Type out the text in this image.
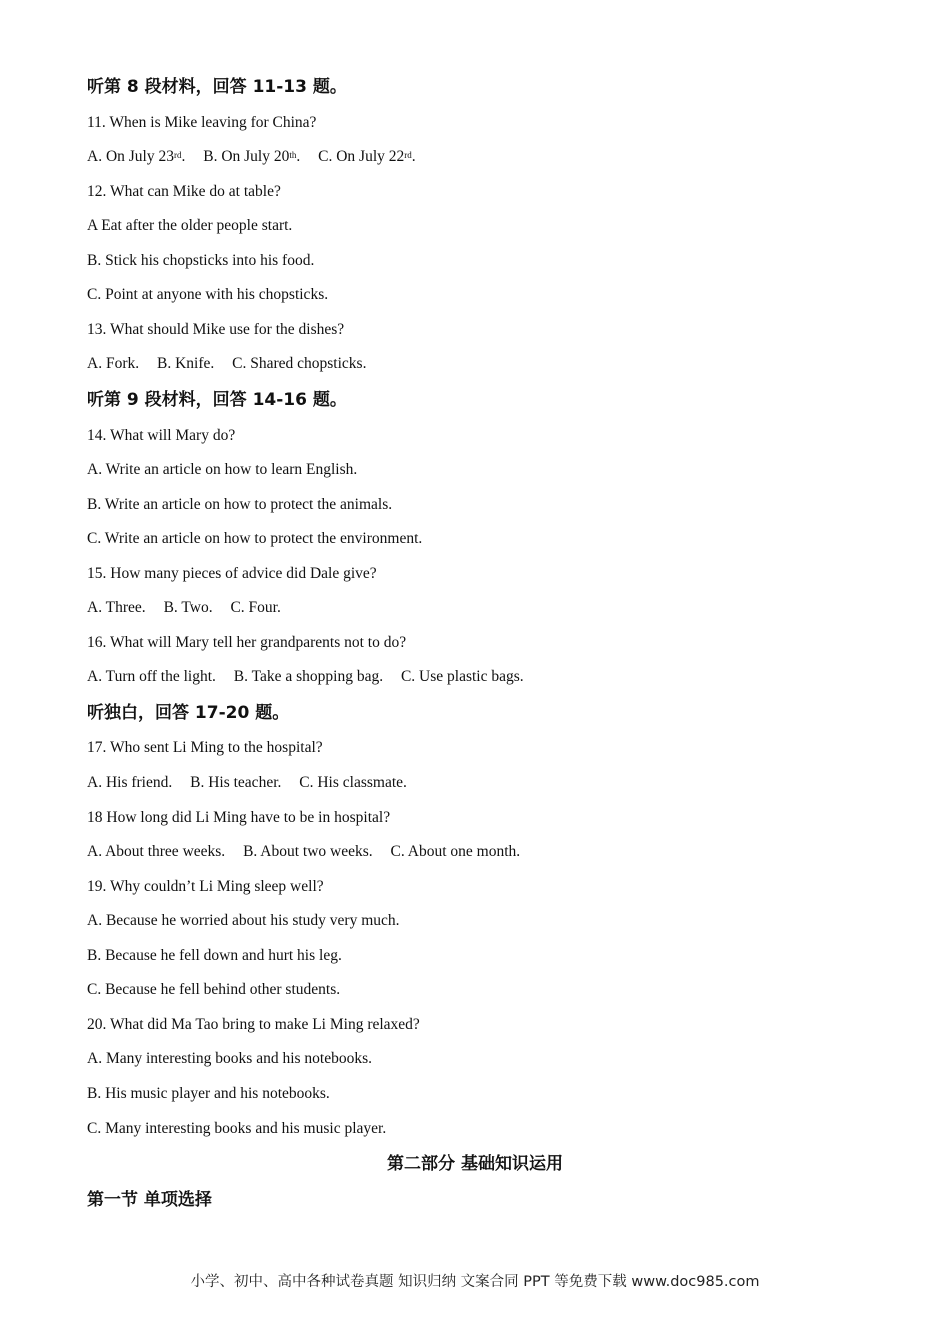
听第 8 段材料，回答 11-13 题。
11. When is Mike leaving for China?
A. On July 23rd. B. On July 20th. C. On July 22rd.
12. What can Mike do at table?
A Eat after the older people start.
B. Stick his chopsticks into his food.
C. Point at anyone with his chopsticks.
13. What should Mike use for the dishes?
A. Fork. B. Knife. C. Shared chopsticks.
听第 9 段材料，回答 14-16 题。
14. What will Mary do?
A. Write an article on how to learn English.
B. Write an article on how to protect the animals.
C. Write an article on how to protect the environment.
15. How many pieces of advice did Dale give?
A. Three. B. Two. C. Four.
16. What will Mary tell her grandparents not to do?
A. Turn off the light. B. Take a shopping bag. C. Use plastic bags.
听独白，回答 17-20 题。
17. Who sent Li Ming to the hospital?
A. His friend. B. His teacher. C. His classmate.
18 How long did Li Ming have to be in hospital?
A. About three weeks. B. About two weeks. C. About one month.
19. Why couldn’t Li Ming sleep well?
A. Because he worried about his study very much.
B. Because he fell down and hurt his leg.
C. Because he fell behind other students.
20. What did Ma Tao bring to make Li Ming relaxed?
A. Many interesting books and his notebooks.
B. His music player and his notebooks.
C. Many interesting books and his music player.
第二部分 基础知识运用
第一节 单项选择
小学、初中、高中各种试卷真题 知识归纳 文案合同 PPT 等免费下载 www.doc985.com
